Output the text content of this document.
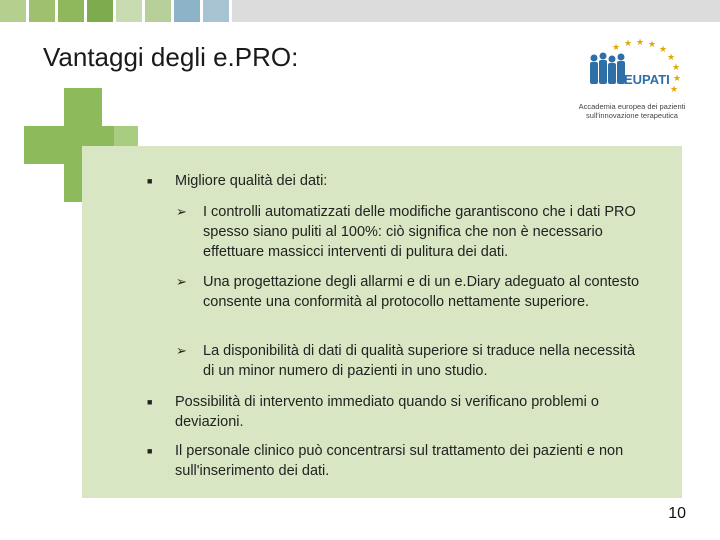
Vantaggi degli e.PRO:	★ ★ ★ ★ ★
★
★
★
★
EUPATI
Accademia europea dei pazienti
sull'innovazione terapeutica
■ Migliore qualità dei dati:
➢ I controlli automatizzati delle modifiche garantiscono che i dati PRO spesso siano puliti al 100%: ciò significa che non è necessario effettuare massicci interventi di pulitura dei dati.
➢ Una progettazione degli allarmi e di un e.Diary adeguato al contesto consente una conformità al protocollo nettamente superiore.
➢ La disponibilità di dati di qualità superiore si traduce nella necessità di un minor numero di pazienti in uno studio.
■ Possibilità di intervento immediato quando si verificano problemi o deviazioni.
■ Il personale clinico può concentrarsi sul trattamento dei pazienti e non sull'inserimento dei dati.
10
